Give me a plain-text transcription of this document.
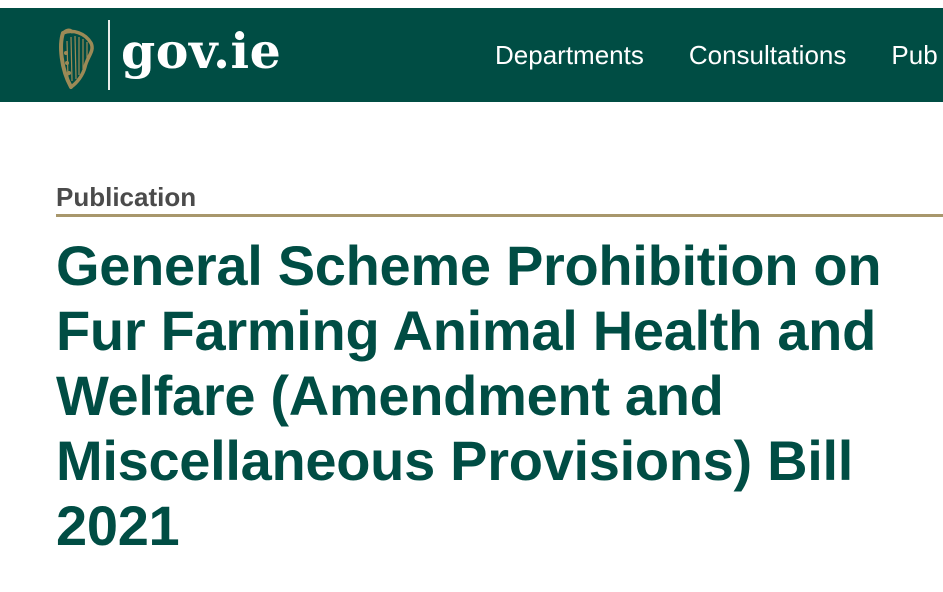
gov.ie	Departments Consultations Pub

Publication

General Scheme Prohibition on
Fur Farming Animal Health and
Welfare (Amendment and
Miscellaneous Provisions) Bill
2021
